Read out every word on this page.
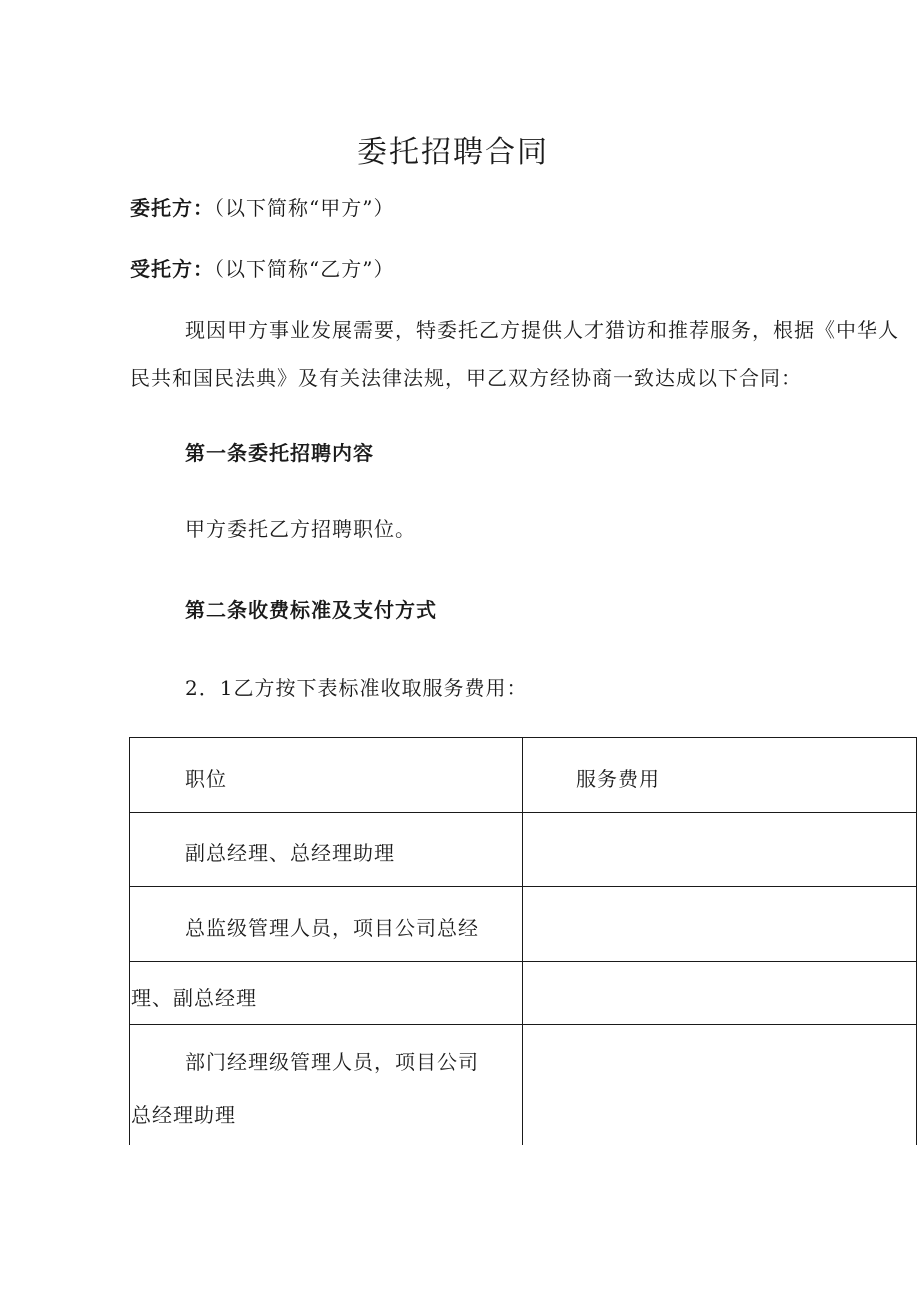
委托招聘合同
委托方：（以下简称“甲方”）
受托方：（以下简称“乙方”）
现因甲方事业发展需要，特委托乙方提供人才猎访和推荐服务，根据《中华人
民共和国民法典》及有关法律法规，甲乙双方经协商一致达成以下合同：
第一条委托招聘内容
甲方委托乙方招聘职位。
第二条收费标准及支付方式
2．1乙方按下表标准收取服务费用：
职位	服务费用
副总经理、总经理助理
总监级管理人员，项目公司总经
理、副总经理
部门经理级管理人员，项目公司
总经理助理
